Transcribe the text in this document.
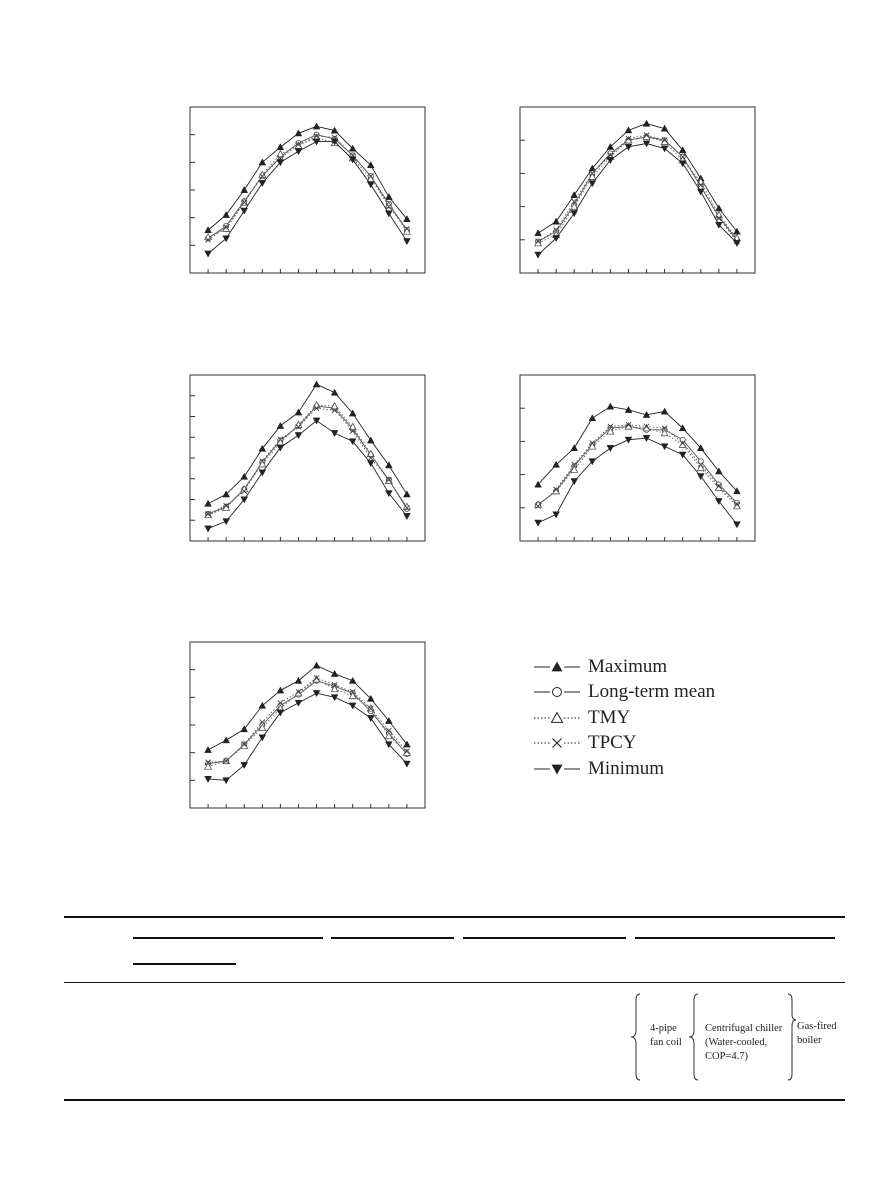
Maximum
Long-term mean
TMY
TPCY
Minimum
4-pipe
fan coil
Centrifugal chiller
(Water-cooled,
COP=4.7)
Gas-fired
boiler
